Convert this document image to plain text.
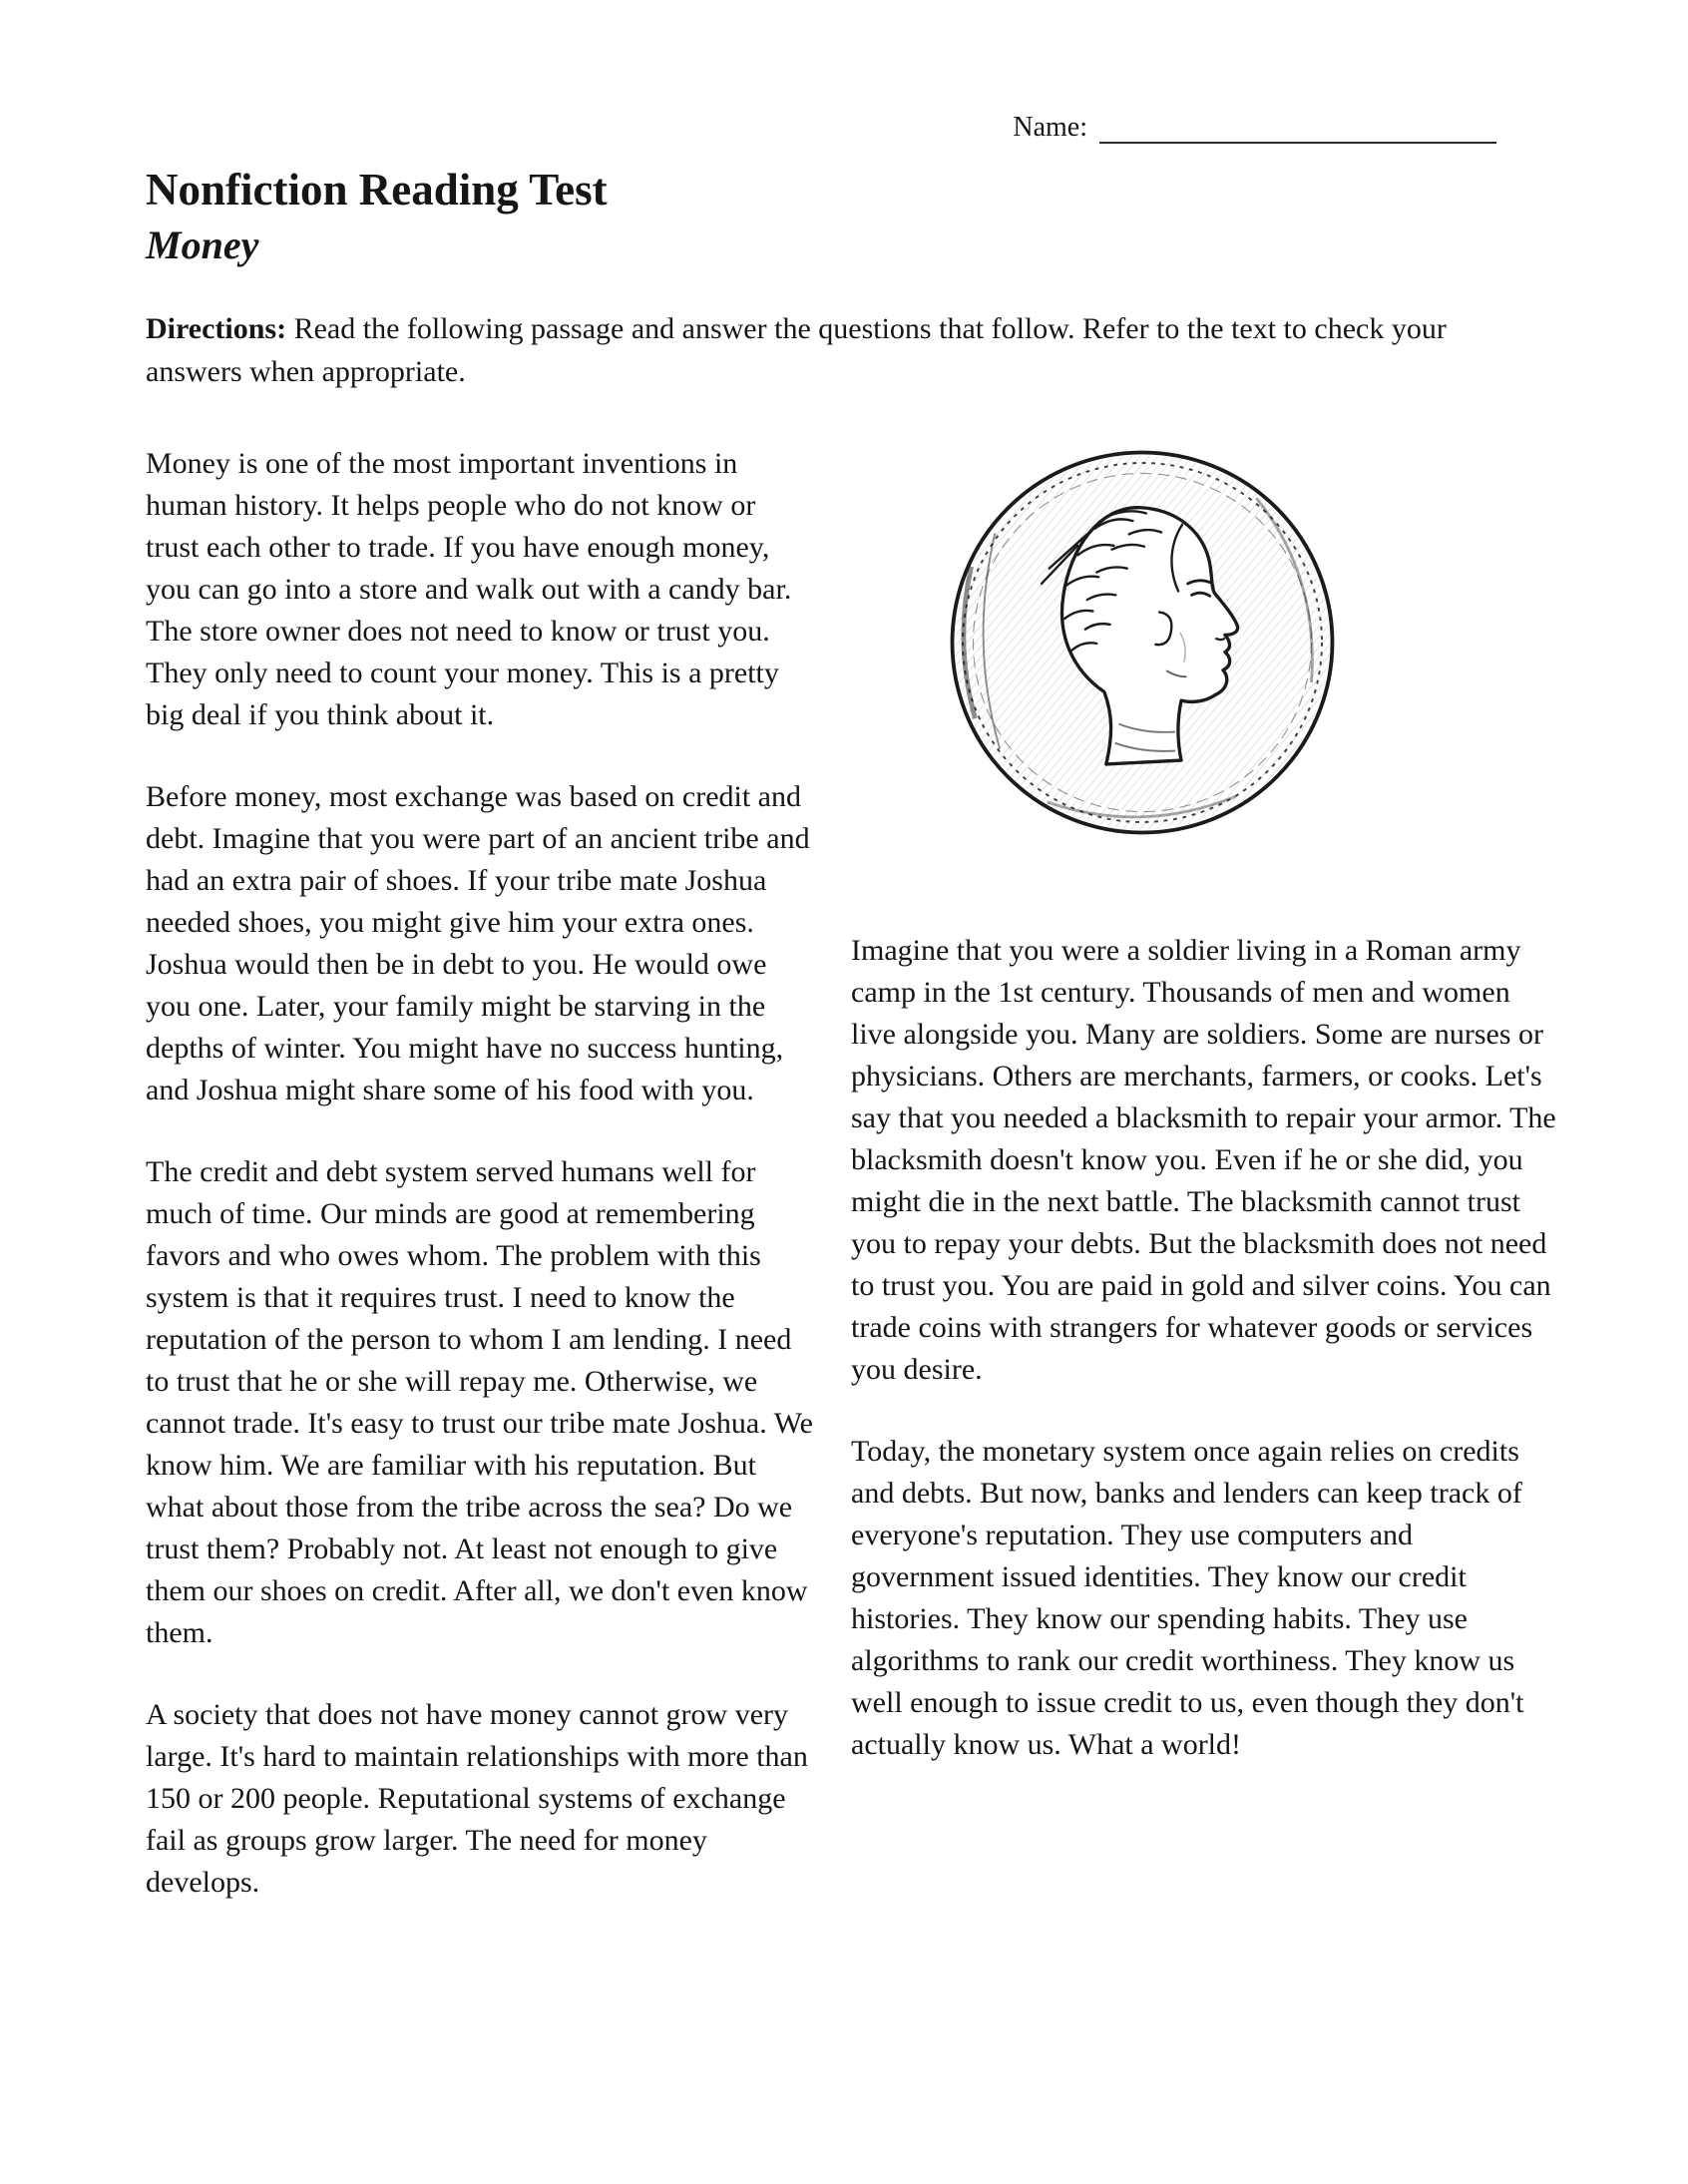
Name:
Nonfiction Reading Test
Money

Directions: Read the following passage and answer the questions that follow. Refer to the text to check your answers when appropriate.

Money is one of the most important inventions in human history. It helps people who do not know or trust each other to trade. If you have enough money, you can go into a store and walk out with a candy bar. The store owner does not need to know or trust you. They only need to count your money. This is a pretty big deal if you think about it.

Before money, most exchange was based on credit and debt. Imagine that you were part of an ancient tribe and had an extra pair of shoes. If your tribe mate Joshua needed shoes, you might give him your extra ones. Joshua would then be in debt to you. He would owe you one. Later, your family might be starving in the depths of winter. You might have no success hunting, and Joshua might share some of his food with you.

The credit and debt system served humans well for much of time. Our minds are good at remembering favors and who owes whom. The problem with this system is that it requires trust. I need to know the reputation of the person to whom I am lending. I need to trust that he or she will repay me. Otherwise, we cannot trade. It's easy to trust our tribe mate Joshua. We know him. We are familiar with his reputation. But what about those from the tribe across the sea? Do we trust them? Probably not. At least not enough to give them our shoes on credit. After all, we don't even know them.

A society that does not have money cannot grow very large. It's hard to maintain relationships with more than 150 or 200 people. Reputational systems of exchange fail as groups grow larger. The need for money develops.

Imagine that you were a soldier living in a Roman army camp in the 1st century. Thousands of men and women live alongside you. Many are soldiers. Some are nurses or physicians. Others are merchants, farmers, or cooks. Let's say that you needed a blacksmith to repair your armor. The blacksmith doesn't know you. Even if he or she did, you might die in the next battle. The blacksmith cannot trust you to repay your debts. But the blacksmith does not need to trust you. You are paid in gold and silver coins. You can trade coins with strangers for whatever goods or services you desire.

Today, the monetary system once again relies on credits and debts. But now, banks and lenders can keep track of everyone's reputation. They use computers and government issued identities. They know our credit histories. They know our spending habits. They use algorithms to rank our credit worthiness. They know us well enough to issue credit to us, even though they don't actually know us. What a world!
